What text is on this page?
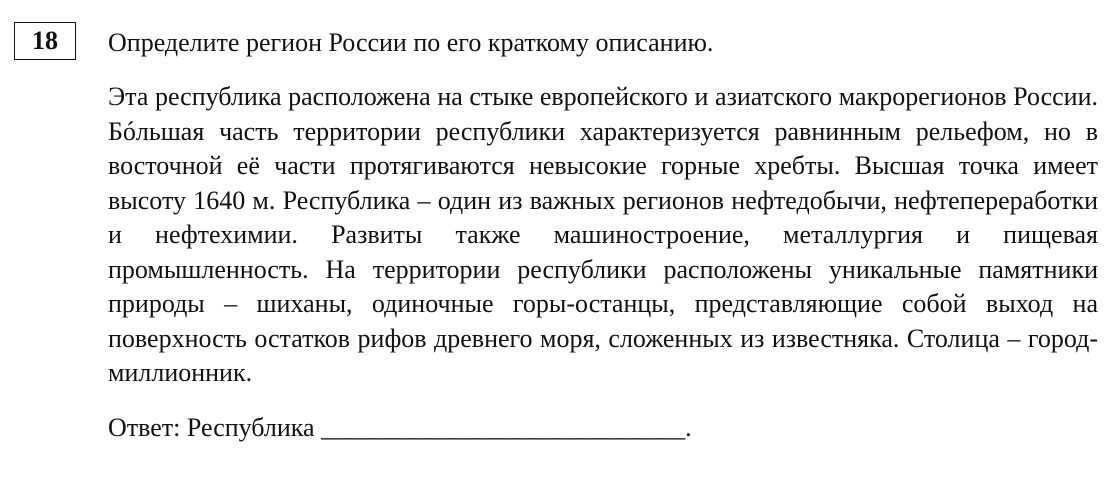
18 Определите регион России по его краткому описанию.

Эта республика расположена на стыке европейского и азиатского макрорегионов России. Бóльшая часть территории республики характеризуется равнинным рельефом, но в восточной её части протягиваются невысокие горные хребты. Высшая точка имеет высоту 1640 м. Республика – один из важных регионов нефтедобычи, нефтепереработки и нефтехимии. Развиты также машиностроение, металлургия и пищевая промышленность. На территории республики расположены уникальные памятники природы – шиханы, одиночные горы-останцы, представляющие собой выход на поверхность остатков рифов древнего моря, сложенных из известняка. Столица – город-миллионник.

Ответ: Республика ____________________________.
